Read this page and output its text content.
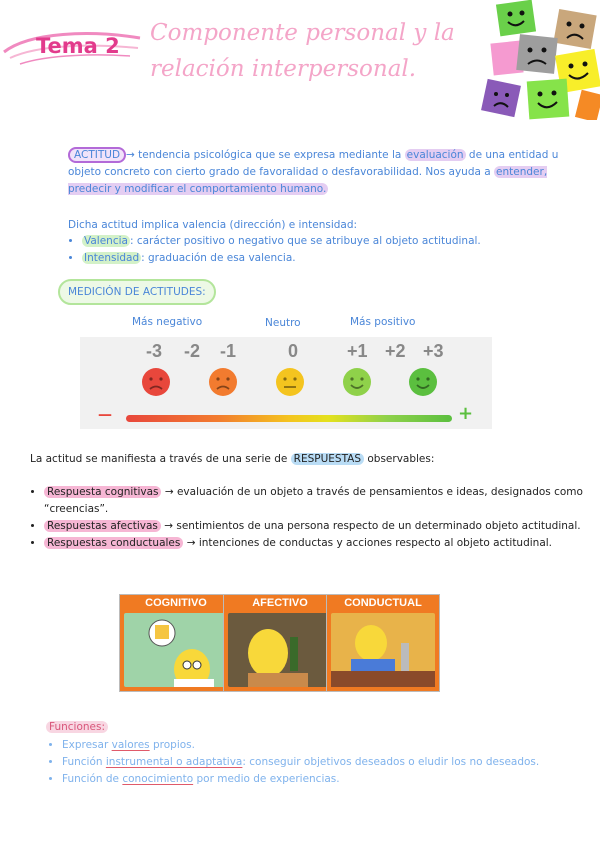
Tema 2 Componente personal y la
relación interpersonal.
ACTITUD → tendencia psicológica que se expresa mediante la evaluación de una entidad u objeto concreto con cierto grado de favoralidad o desfavorabilidad. Nos ayuda a entender, predecir y modificar el comportamiento humano.
Dicha actitud implica valencia (dirección) e intensidad:
• Valencia : carácter positivo o negativo que se atribuye al objeto actitudinal.
• Intensidad : graduación de esa valencia.
MEDICIÓN DE ACTITUDES:
Más negativo	Neutro	Más positivo
-3 -2 -1	0	+1 +2 +3
—	+
La actitud se manifiesta a través de una serie de RESPUESTAS observables:
• Respuesta cognitivas → evaluación de un objeto a través de pensamientos e ideas, designados como “creencias”.
• Respuestas afectivas → sentimientos de una persona respecto de un determinado objeto actitudinal.
• Respuestas conductuales → intenciones de conductas y acciones respecto al objeto actitudinal.
COGNITIVO	AFECTIVO	CONDUCTUAL
Funciones:
• Expresar valores propios.
• Función instrumental o adaptativa: conseguir objetivos deseados o eludir los no deseados.
• Función de conocimiento por medio de experiencias.
